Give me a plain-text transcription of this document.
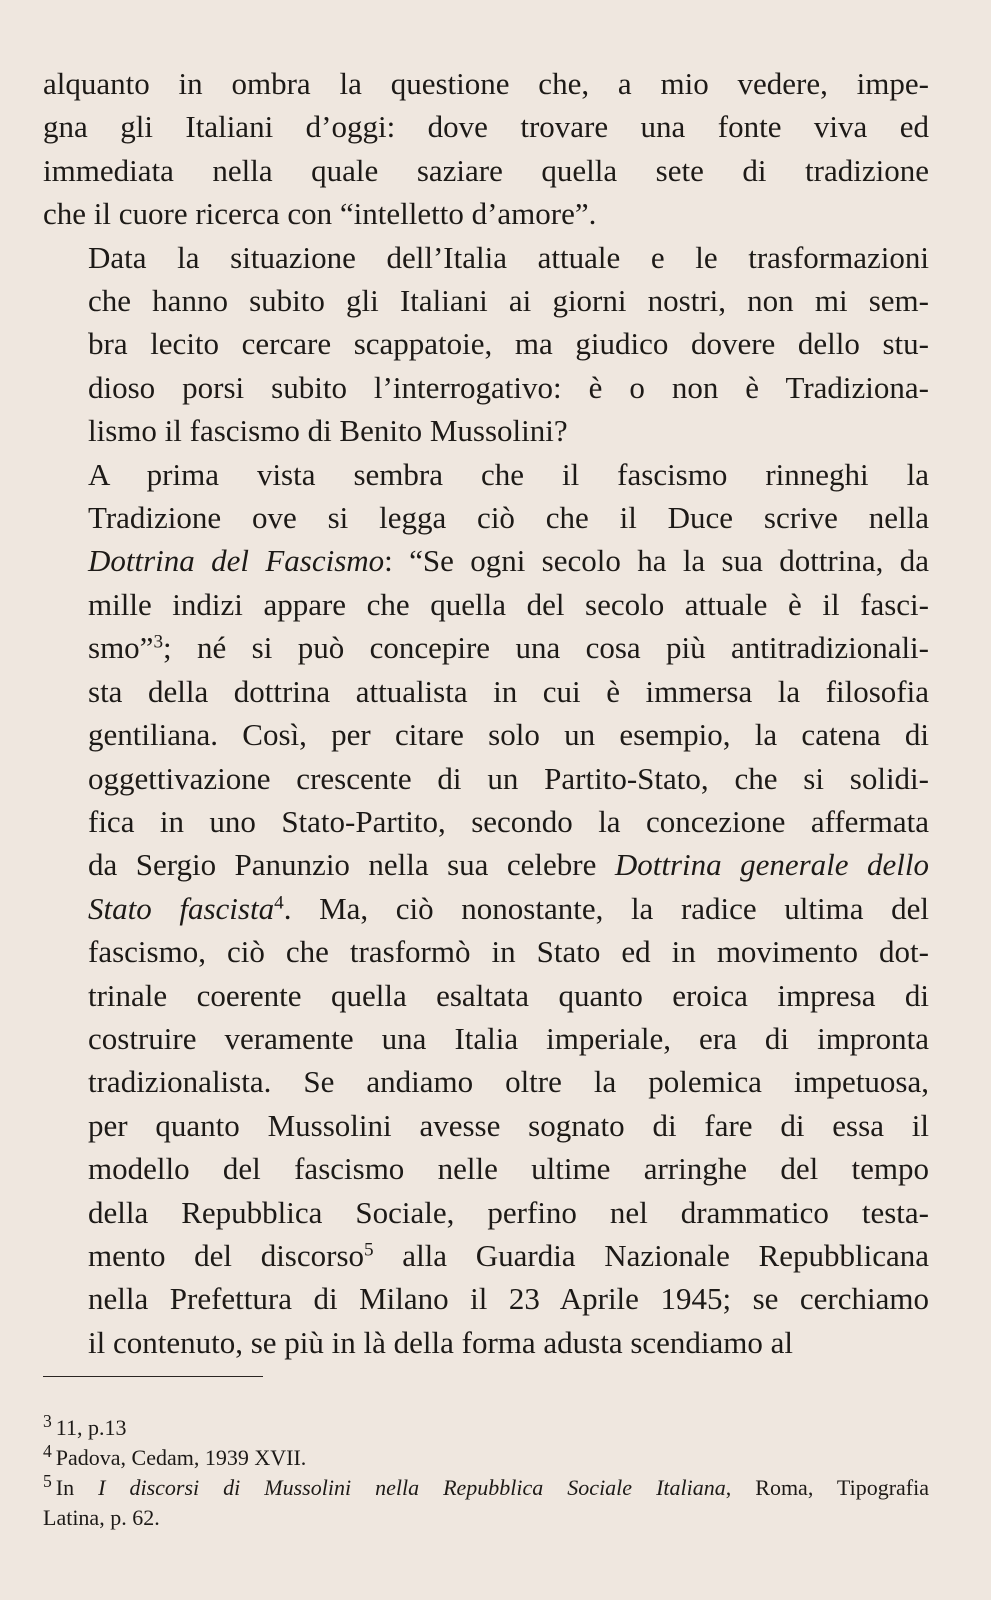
alquanto in ombra la questione che, a mio vedere, impe-
gna gli Italiani d’oggi: dove trovare una fonte viva ed
immediata nella quale saziare quella sete di tradizione
che il cuore ricerca con “intelletto d’amore”.

Data la situazione dell’Italia attuale e le trasformazioni
che hanno subito gli Italiani ai giorni nostri, non mi sem-
bra lecito cercare scappatoie, ma giudico dovere dello stu-
dioso porsi subito l’interrogativo: è o non è Tradiziona-
lismo il fascismo di Benito Mussolini?

A prima vista sembra che il fascismo rinneghi la
Tradizione ove si legga ciò che il Duce scrive nella
Dottrina del Fascismo: “Se ogni secolo ha la sua dottrina, da
mille indizi appare che quella del secolo attuale è il fasci-
smo”$^3$; né si può concepire una cosa più antitradizionali-
sta della dottrina attualista in cui è immersa la filosofia
gentiliana. Così, per citare solo un esempio, la catena di
oggettivazione crescente di un Partito-Stato, che si solidi-
fica in uno Stato-Partito, secondo la concezione affermata
da Sergio Panunzio nella sua celebre Dottrina generale dello
Stato fascista$^4$. Ma, ciò nonostante, la radice ultima del
fascismo, ciò che trasformò in Stato ed in movimento dot-
trinale coerente quella esaltata quanto eroica impresa di
costruire veramente una Italia imperiale, era di impronta
tradizionalista. Se andiamo oltre la polemica impetuosa,
per quanto Mussolini avesse sognato di fare di essa il
modello del fascismo nelle ultime arringhe del tempo
della Repubblica Sociale, perfino nel drammatico testa-
mento del discorso$^5$ alla Guardia Nazionale Repubblicana
nella Prefettura di Milano il 23 Aprile 1945; se cerchiamo
il contenuto, se più in là della forma adusta scendiamo al

$^3$ 11, p.13

$^4$ Padova, Cedam, 1939 XVII.

$^5$ In I discorsi di Mussolini nella Repubblica Sociale Italiana, Roma, Tipografia
Latina, p. 62.
